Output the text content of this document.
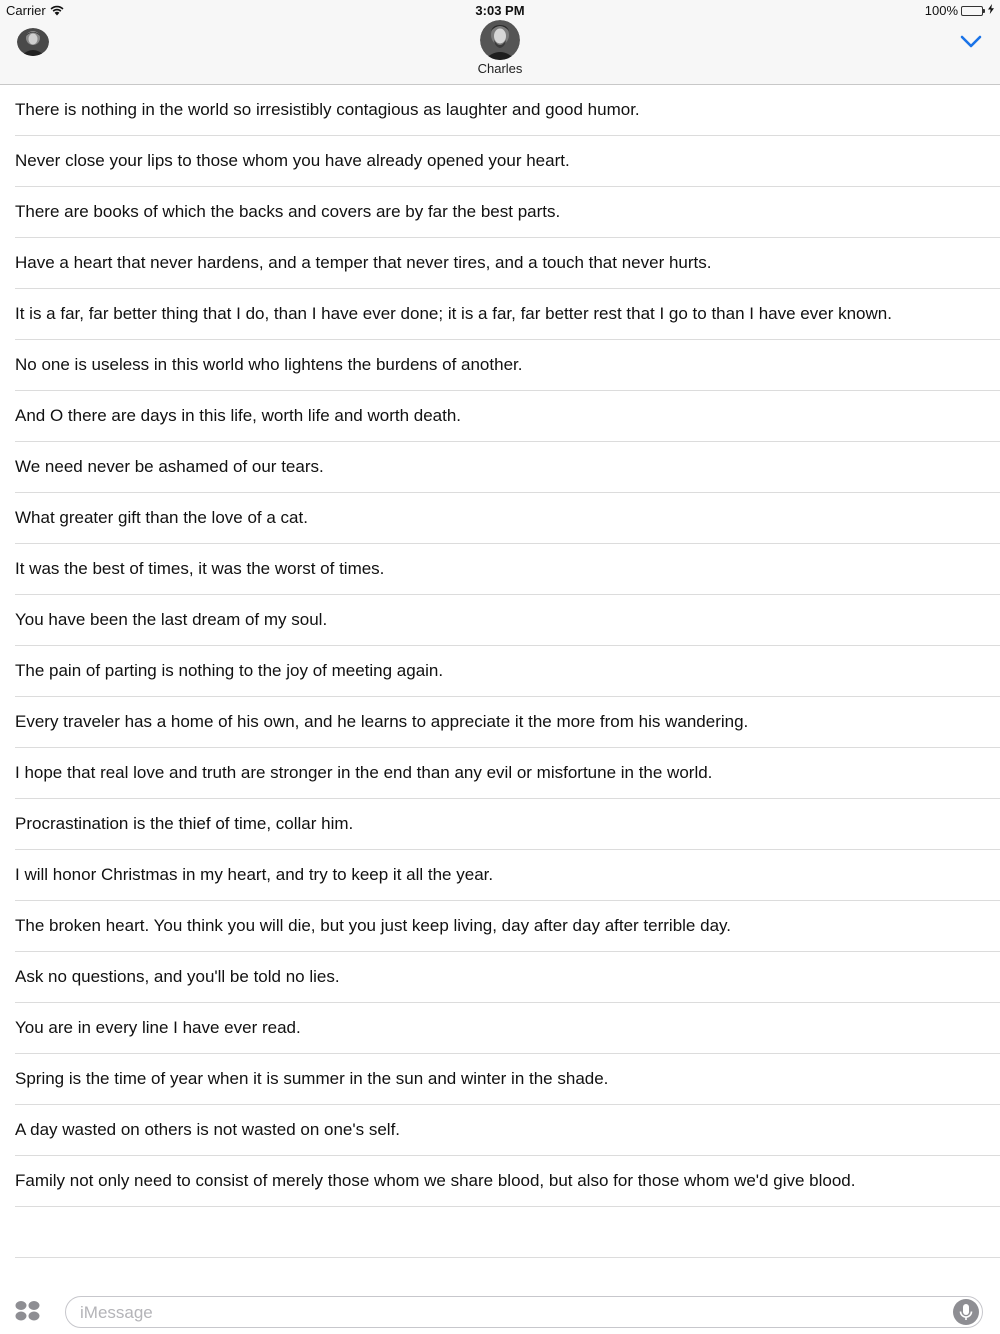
Carrier	3:03 PM	100%
Charles
There is nothing in the world so irresistibly contagious as laughter and good humor.
Never close your lips to those whom you have already opened your heart.
There are books of which the backs and covers are by far the best parts.
Have a heart that never hardens, and a temper that never tires, and a touch that never hurts.
It is a far, far better thing that I do, than I have ever done; it is a far, far better rest that I go to than I have ever known.
No one is useless in this world who lightens the burdens of another.
And O there are days in this life, worth life and worth death.
We need never be ashamed of our tears.
What greater gift than the love of a cat.
It was the best of times, it was the worst of times.
You have been the last dream of my soul.
The pain of parting is nothing to the joy of meeting again.
Every traveler has a home of his own, and he learns to appreciate it the more from his wandering.
I hope that real love and truth are stronger in the end than any evil or misfortune in the world.
Procrastination is the thief of time, collar him.
I will honor Christmas in my heart, and try to keep it all the year.
The broken heart. You think you will die, but you just keep living, day after day after terrible day.
Ask no questions, and you'll be told no lies.
You are in every line I have ever read.
Spring is the time of year when it is summer in the sun and winter in the shade.
A day wasted on others is not wasted on one's self.
Family not only need to consist of merely those whom we share blood, but also for those whom we'd give blood.
iMessage
